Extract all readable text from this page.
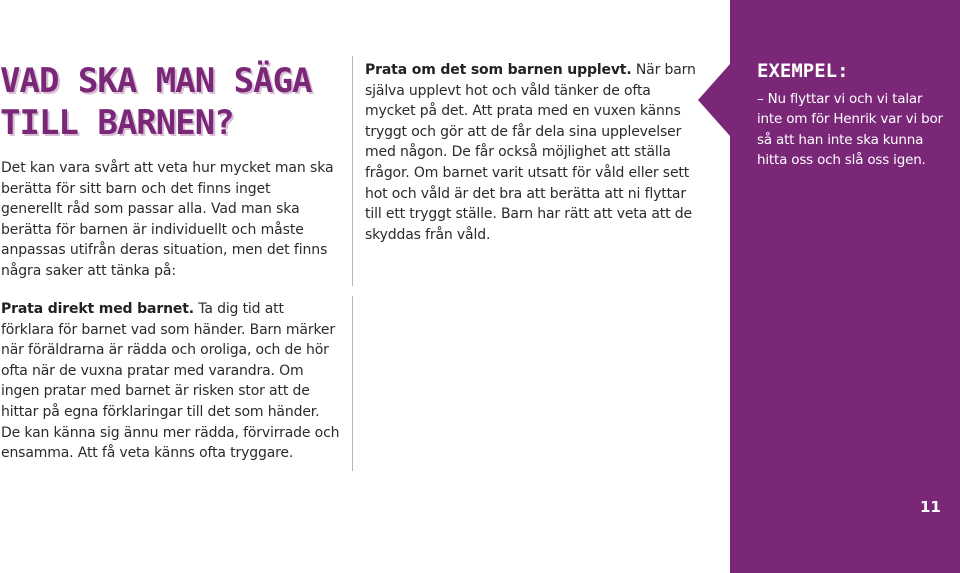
VAD SKA MAN SÄGA
TILL BARNEN?

Det kan vara svårt att veta hur mycket man ska berätta för sitt barn och det finns inget generellt råd som passar alla. Vad man ska berätta för barnen är individuellt och måste anpassas utifrån deras situation, men det finns några saker att tänka på:

Prata direkt med barnet. Ta dig tid att förklara för barnet vad som händer. Barn märker när föräldrarna är rädda och oroliga, och de hör ofta när de vuxna pratar med varandra. Om ingen pratar med barnet är risken stor att de hittar på egna förklaringar till det som händer. De kan känna sig ännu mer rädda, förvirrade och ensamma. Att få veta känns ofta tryggare.

Prata om det som barnen upplevt. När barn själva upplevt hot och våld tänker de ofta mycket på det. Att prata med en vuxen känns tryggt och gör att de får dela sina upplevelser med någon. De får också möjlighet att ställa frågor. Om barnet varit utsatt för våld eller sett hot och våld är det bra att berätta att ni flyttar till ett tryggt ställe. Barn har rätt att veta att de skyddas från våld.

EXEMPEL:

– Nu flyttar vi och vi talar
inte om för Henrik var vi bor
så att han inte ska kunna
hitta oss och slå oss igen.

11
